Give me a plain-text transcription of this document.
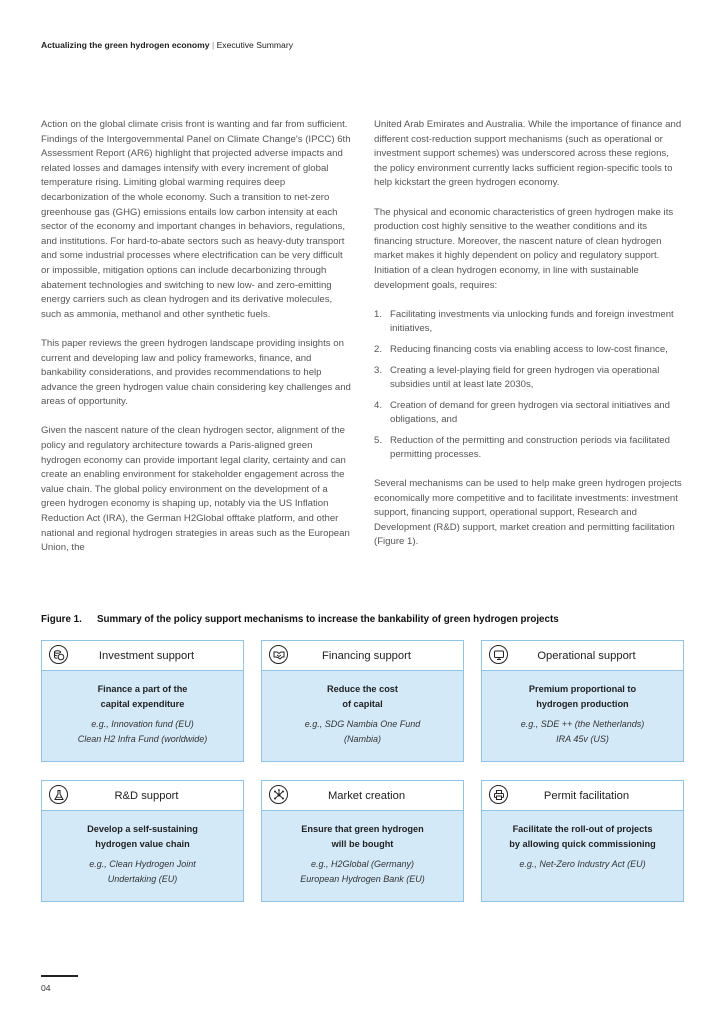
Actualizing the green hydrogen economy | Executive Summary

Action on the global climate crisis front is wanting and far from sufficient. Findings of the Intergovernmental Panel on Climate Change's (IPCC) 6th Assessment Report (AR6) highlight that projected adverse impacts and related losses and damages intensify with every increment of global temperature rising. Limiting global warming requires deep decarbonization of the whole economy. Such a transition to net-zero greenhouse gas (GHG) emissions entails low carbon intensity at each sector of the economy and important changes in behaviors, regulations, and institutions. For hard-to-abate sectors such as heavy-duty transport and some industrial processes where electrification can be very difficult or impossible, mitigation options can include decarbonizing through abatement technologies and switching to new low- and zero-emitting energy carriers such as clean hydrogen and its derivative molecules, such as ammonia, methanol and other synthetic fuels.

This paper reviews the green hydrogen landscape providing insights on current and developing law and policy frameworks, finance, and bankability considerations, and provides recommendations to help advance the green hydrogen value chain considering key challenges and areas of opportunity.

Given the nascent nature of the clean hydrogen sector, alignment of the policy and regulatory architecture towards a Paris-aligned green hydrogen economy can provide important legal clarity, certainty and can create an enabling environment for stakeholder engagement across the value chain. The global policy environment on the development of a green hydrogen economy is shaping up, notably via the US Inflation Reduction Act (IRA), the German H2Global offtake platform, and other national and regional hydrogen strategies in areas such as the European Union, the

United Arab Emirates and Australia. While the importance of finance and different cost-reduction support mechanisms (such as operational or investment support schemes) was underscored across these regions, the policy environment currently lacks sufficient region-specific tools to help kickstart the green hydrogen economy.

The physical and economic characteristics of green hydrogen make its production cost highly sensitive to the weather conditions and its financing structure. Moreover, the nascent nature of clean hydrogen market makes it highly dependent on policy and regulatory support. Initiation of a clean hydrogen economy, in line with sustainable development goals, requires:

1. Facilitating investments via unlocking funds and foreign investment initiatives,
2. Reducing financing costs via enabling access to low-cost finance,
3. Creating a level-playing field for green hydrogen via operational subsidies until at least late 2030s,
4. Creation of demand for green hydrogen via sectoral initiatives and obligations, and
5. Reduction of the permitting and construction periods via facilitated permitting processes.

Several mechanisms can be used to help make green hydrogen projects economically more competitive and to facilitate investments: investment support, financing support, operational support, Research and Development (R&D) support, market creation and permitting facilitation (Figure 1).

Figure 1. Summary of the policy support mechanisms to increase the bankability of green hydrogen projects
Investment support
Finance a part of the
capital expenditure
e.g., Innovation fund (EU)
Clean H2 Infra Fund (worldwide)
Financing support
Reduce the cost
of capital
e.g., SDG Nambia One Fund
(Nambia)
Operational support
Premium proportional to
hydrogen production
e.g., SDE ++ (the Netherlands)
IRA 45v (US)
R&D support
Develop a self-sustaining
hydrogen value chain
e.g., Clean Hydrogen Joint
Undertaking (EU)
Market creation
Ensure that green hydrogen
will be bought
e.g., H2Global (Germany)
European Hydrogen Bank (EU)
Permit facilitation
Facilitate the roll-out of projects
by allowing quick commissioning
e.g., Net-Zero Industry Act (EU)
04
